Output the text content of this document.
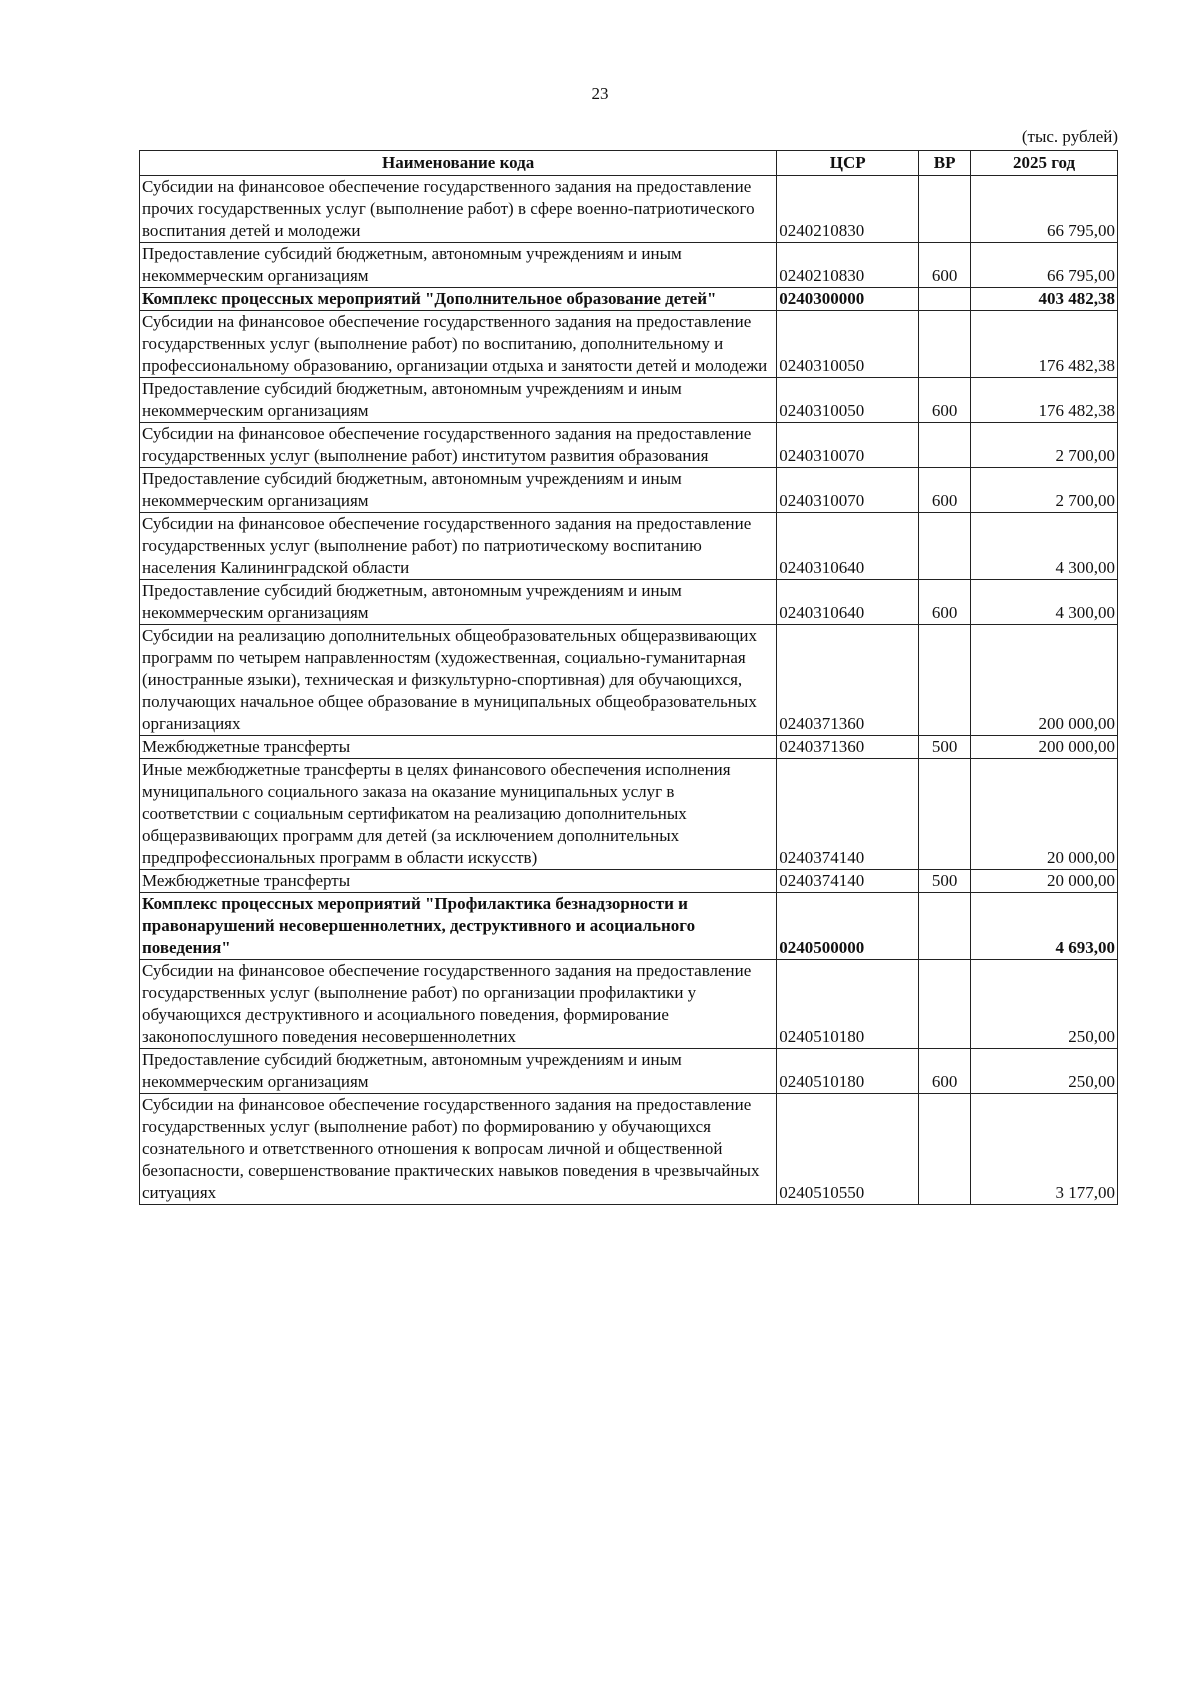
23
(тыс. рублей)
Наименование кода	ЦСР	ВР	2025 год
Субсидии на финансовое обеспечение государственного задания на предоставление прочих государственных услуг (выполнение работ) в сфере военно-патриотического воспитания детей и молодежи	0240210830		66 795,00
Предоставление субсидий бюджетным, автономным учреждениям и иным некоммерческим организациям	0240210830	600	66 795,00
Комплекс процессных мероприятий "Дополнительное образование детей"	0240300000		403 482,38
Субсидии на финансовое обеспечение государственного задания на предоставление государственных услуг (выполнение работ) по воспитанию, дополнительному и профессиональному образованию, организации отдыха и занятости детей и молодежи	0240310050		176 482,38
Предоставление субсидий бюджетным, автономным учреждениям и иным некоммерческим организациям	0240310050	600	176 482,38
Субсидии на финансовое обеспечение государственного задания на предоставление государственных услуг (выполнение работ) институтом развития образования	0240310070		2 700,00
Предоставление субсидий бюджетным, автономным учреждениям и иным некоммерческим организациям	0240310070	600	2 700,00
Субсидии на финансовое обеспечение государственного задания на предоставление государственных услуг (выполнение работ) по патриотическому воспитанию населения Калининградской области	0240310640		4 300,00
Предоставление субсидий бюджетным, автономным учреждениям и иным некоммерческим организациям	0240310640	600	4 300,00
Субсидии на реализацию дополнительных общеобразовательных общеразвивающих программ по четырем направленностям (художественная, социально-гуманитарная (иностранные языки), техническая и физкультурно-спортивная) для обучающихся, получающих начальное общее образование в муниципальных общеобразовательных организациях	0240371360		200 000,00
Межбюджетные трансферты	0240371360	500	200 000,00
Иные межбюджетные трансферты в целях финансового обеспечения исполнения муниципального социального заказа на оказание муниципальных услуг в соответствии с социальным сертификатом на реализацию дополнительных общеразвивающих программ для детей (за исключением дополнительных предпрофессиональных программ в области искусств)	0240374140		20 000,00
Межбюджетные трансферты	0240374140	500	20 000,00
Комплекс процессных мероприятий "Профилактика безнадзорности и правонарушений несовершеннолетних, деструктивного и асоциального поведения"	0240500000		4 693,00
Субсидии на финансовое обеспечение государственного задания на предоставление государственных услуг (выполнение работ) по организации профилактики у обучающихся деструктивного и асоциального поведения, формирование законопослушного поведения несовершеннолетних	0240510180		250,00
Предоставление субсидий бюджетным, автономным учреждениям и иным некоммерческим организациям	0240510180	600	250,00
Субсидии на финансовое обеспечение государственного задания на предоставление государственных услуг (выполнение работ) по формированию у обучающихся сознательного и ответственного отношения к вопросам личной и общественной безопасности, совершенствование практических навыков поведения в чрезвычайных ситуациях	0240510550		3 177,00
